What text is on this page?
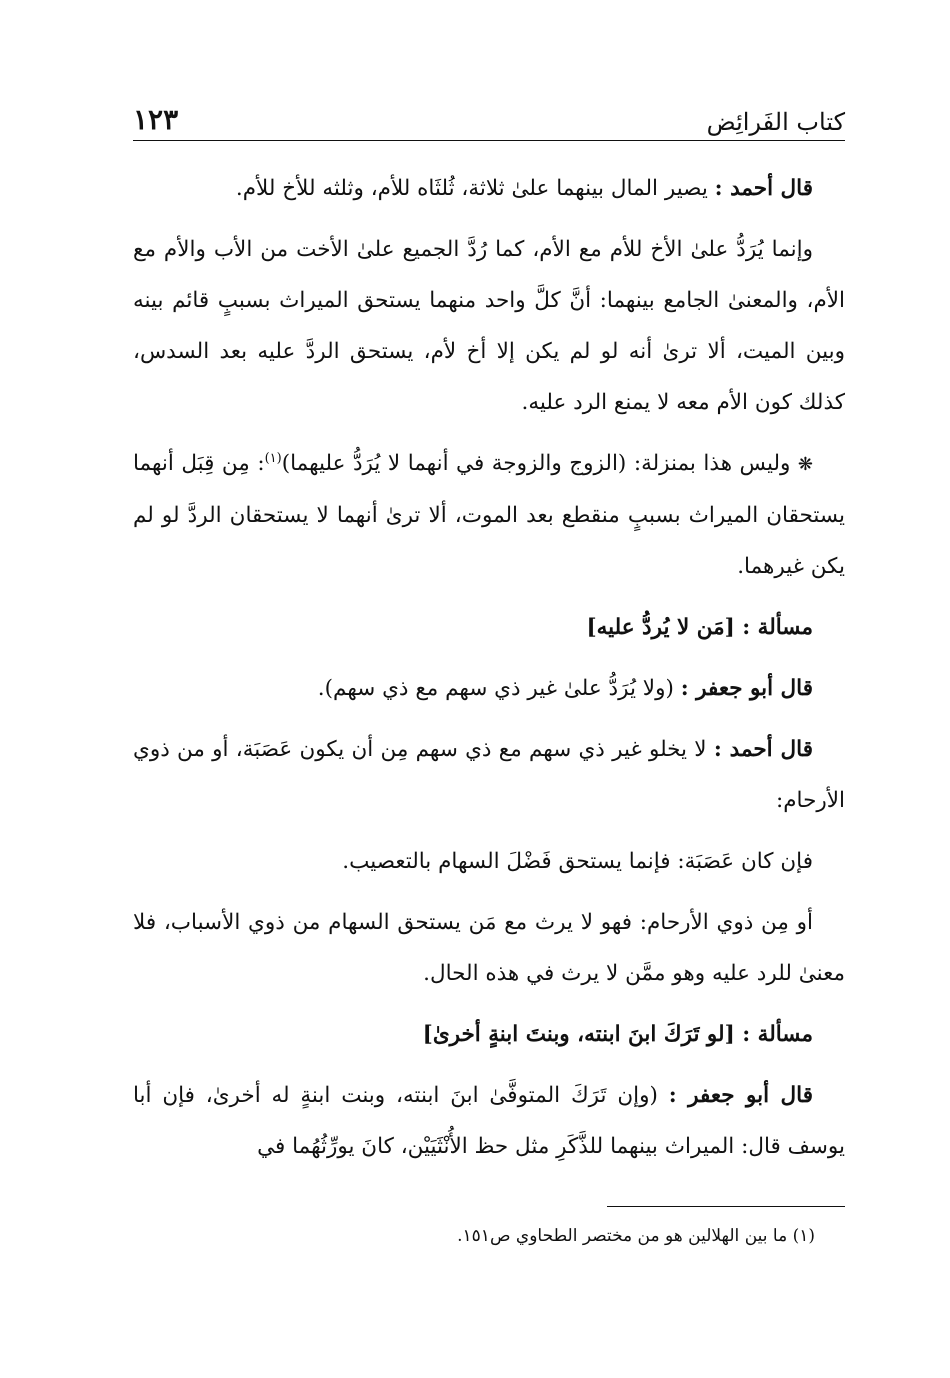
كتاب الفَرائِض
١٢٣

قال أحمد : يصير المال بينهما علىٰ ثلاثة، ثُلثَاه للأم، وثلثه للأخ للأم.

وإنما يُرَدُّ علىٰ الأخ للأم مع الأم، كما رُدَّ الجميع علىٰ الأخت من الأب والأم مع الأم، والمعنىٰ الجامع بينهما: أنَّ كلَّ واحد منهما يستحق الميراث بسببٍ قائم بينه وبين الميت، ألا ترىٰ أنه لو لم يكن إلا أخ لأم، يستحق الردَّ عليه بعد السدس، كذلك كون الأم معه لا يمنع الرد عليه.

❋ وليس هذا بمنزلة: (الزوج والزوجة في أنهما لا يُرَدُّ عليهما)$^{(١)}$: مِن قِبَل أنهما يستحقان الميراث بسببٍ منقطع بعد الموت، ألا ترىٰ أنهما لا يستحقان الردَّ لو لم يكن غيرهما.

مسألة : [مَن لا يُردُّ عليه]

قال أبو جعفر : (ولا يُرَدُّ علىٰ غير ذي سهم مع ذي سهم).

قال أحمد : لا يخلو غير ذي سهم مع ذي سهم مِن أن يكون عَصَبَة، أو من ذوي الأرحام:

فإن كان عَصَبَة: فإنما يستحق فَضْلَ السهام بالتعصيب.

أو مِن ذوي الأرحام: فهو لا يرث مع مَن يستحق السهام من ذوي الأسباب، فلا معنىٰ للرد عليه وهو ممَّن لا يرث في هذه الحال.

مسألة : [لو تَرَكَ ابنَ ابنته، وبنتَ ابنةٍ أخرىٰ]

قال أبو جعفر : (وإن تَرَكَ المتوفَّىٰ ابنَ ابنته، وبنت ابنةٍ له أخرىٰ، فإن أبا يوسف قال: الميراث بينهما للذَّكَرِ مثل حظ الأُنْثَيَيْن، كانَ يورِّثُهُما في

(١) ما بين الهلالين هو من مختصر الطحاوي ص١٥١.
